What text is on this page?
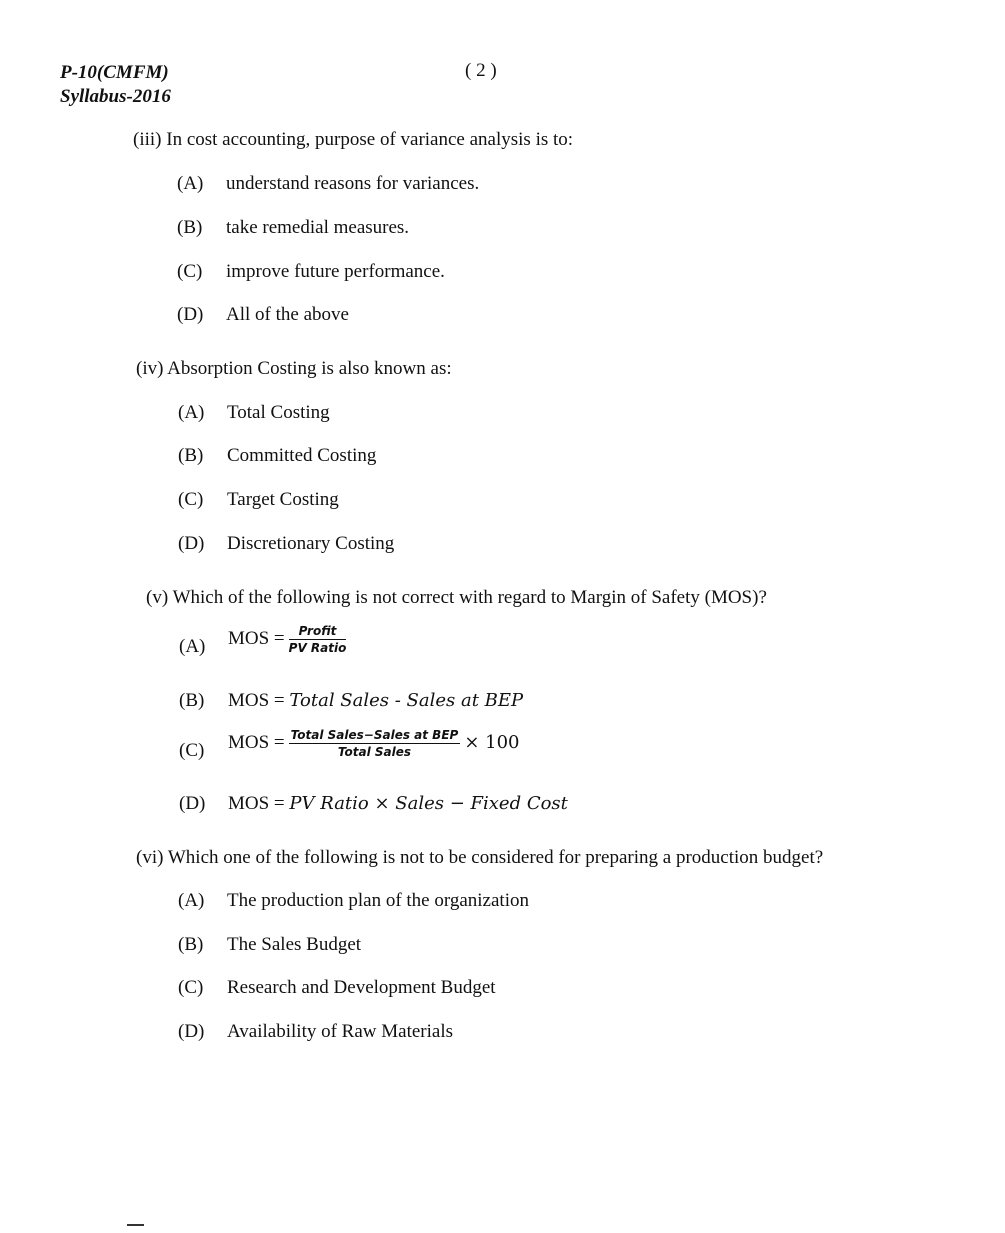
P-10(CMFM)
Syllabus-2016
( 2 )
(iii) In cost accounting, purpose of variance analysis is to:
(A) understand reasons for variances.
(B) take remedial measures.
(C) improve future performance.
(D) All of the above
(iv) Absorption Costing is also known as:
(A) Total Costing
(B) Committed Costing
(C) Target Costing
(D) Discretionary Costing
(v) Which of the following is not correct with regard to Margin of Safety (MOS)?
(A) MOS = $\frac{\text{Profit}}{\text{PV Ratio}}$
(B) MOS = Total Sales - Sales at BEP
(C) MOS = $\frac{\text{Total Sales−Sales at BEP}}{\text{Total Sales}} \times 100$
(D) MOS = PV Ratio × Sales − Fixed Cost
(vi) Which one of the following is not to be considered for preparing a production budget?
(A) The production plan of the organization
(B) The Sales Budget
(C) Research and Development Budget
(D) Availability of Raw Materials
